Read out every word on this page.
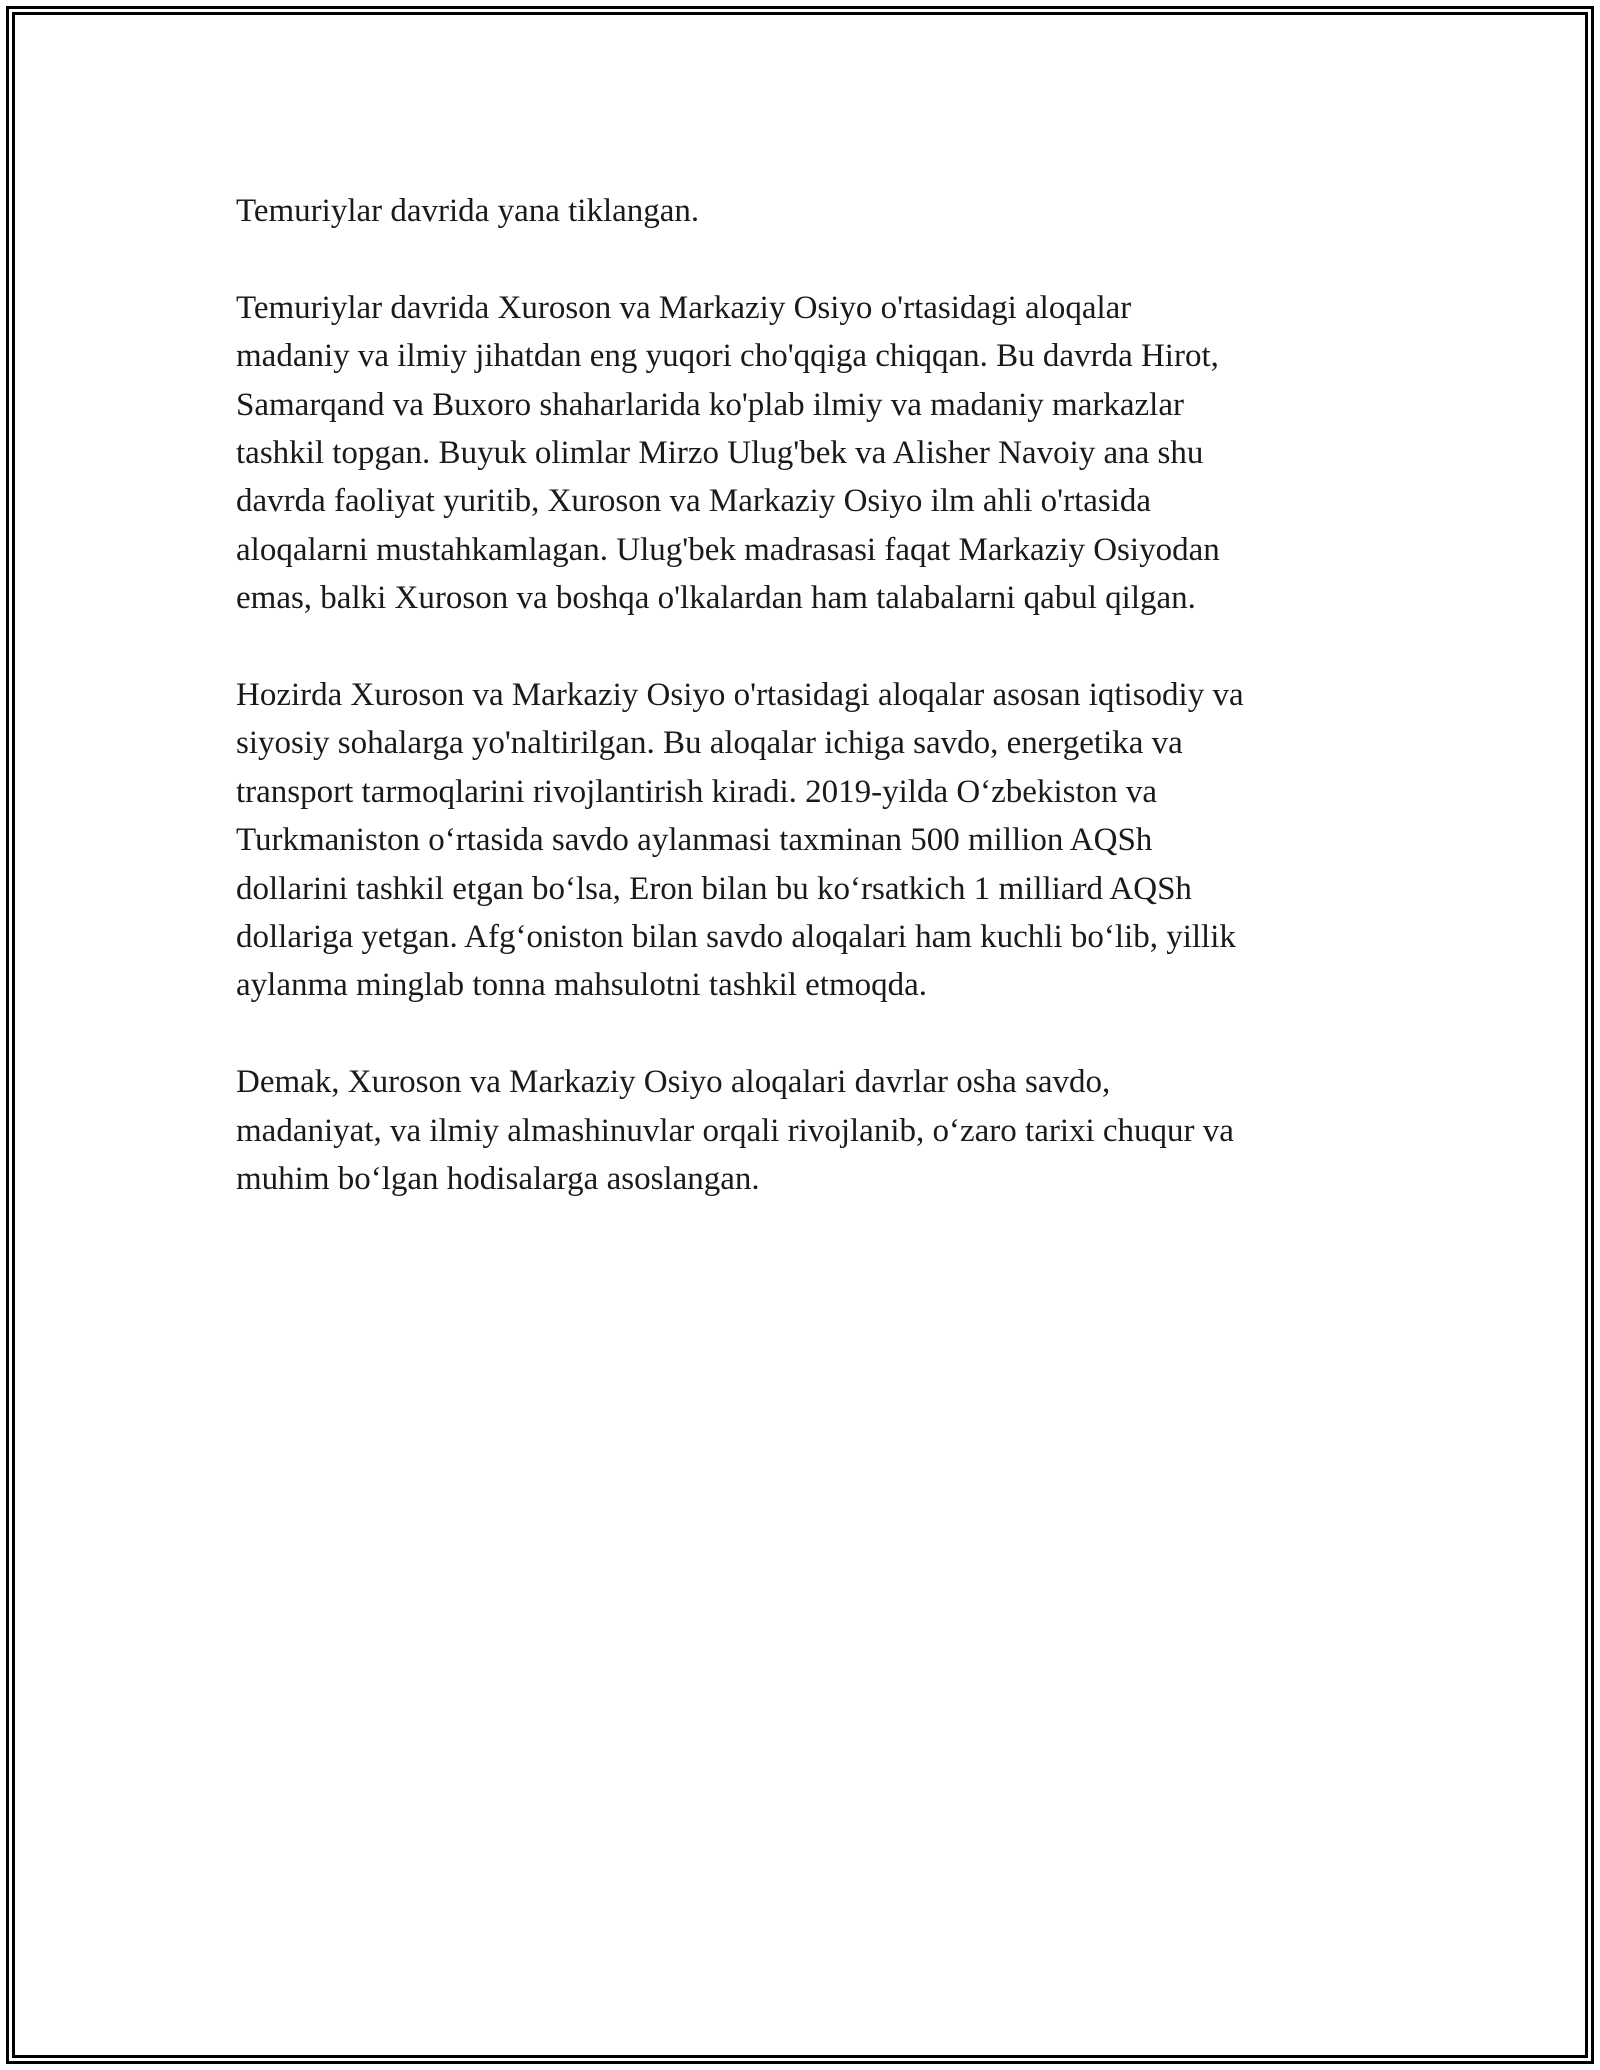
Temuriylar davrida yana tiklangan.

Temuriylar davrida Xuroson va Markaziy Osiyo o'rtasidagi aloqalar
madaniy va ilmiy jihatdan eng yuqori cho'qqiga chiqqan. Bu davrda Hirot,
Samarqand va Buxoro shaharlarida ko'plab ilmiy va madaniy markazlar
tashkil topgan. Buyuk olimlar Mirzo Ulug'bek va Alisher Navoiy ana shu
davrda faoliyat yuritib, Xuroson va Markaziy Osiyo ilm ahli o'rtasida
aloqalarni mustahkamlagan. Ulug'bek madrasasi faqat Markaziy Osiyodan
emas, balki Xuroson va boshqa o'lkalardan ham talabalarni qabul qilgan.

Hozirda Xuroson va Markaziy Osiyo o'rtasidagi aloqalar asosan iqtisodiy va
siyosiy sohalarga yo'naltirilgan. Bu aloqalar ichiga savdo, energetika va
transport tarmoqlarini rivojlantirish kiradi. 2019-yilda O‘zbekiston va
Turkmaniston o‘rtasida savdo aylanmasi taxminan 500 million AQSh
dollarini tashkil etgan bo‘lsa, Eron bilan bu ko‘rsatkich 1 milliard AQSh
dollariga yetgan. Afg‘oniston bilan savdo aloqalari ham kuchli bo‘lib, yillik
aylanma minglab tonna mahsulotni tashkil etmoqda.

Demak, Xuroson va Markaziy Osiyo aloqalari davrlar osha savdo,
madaniyat, va ilmiy almashinuvlar orqali rivojlanib, o‘zaro tarixi chuqur va
muhim bo‘lgan hodisalarga asoslangan.
